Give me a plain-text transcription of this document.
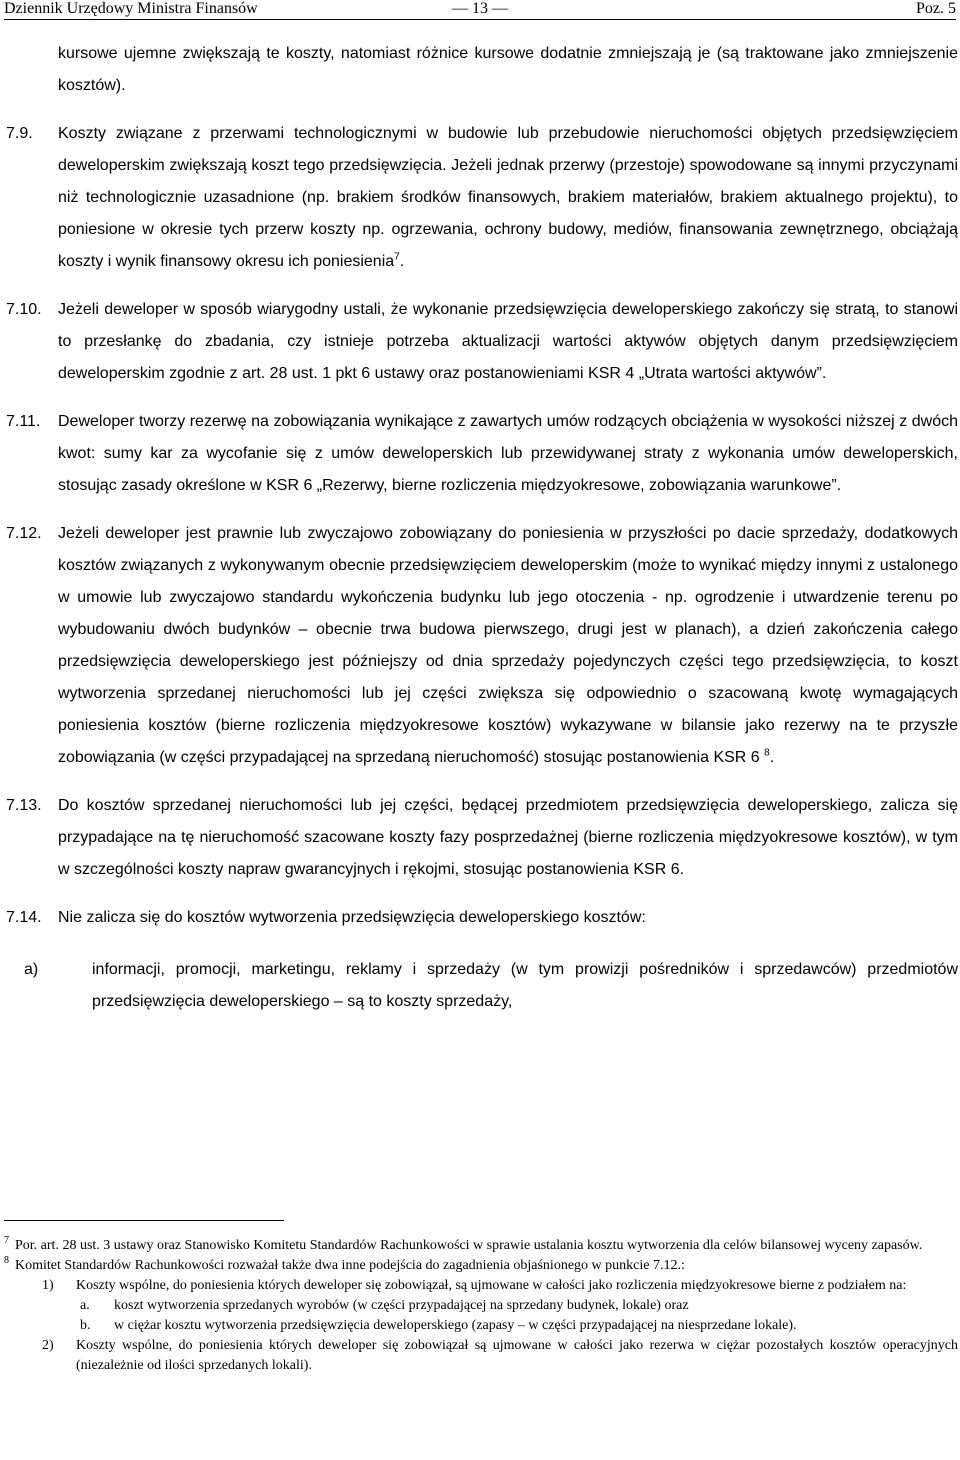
Dziennik Urzędowy Ministra Finansów	— 13 —	Poz. 5

kursowe ujemne zwiększają te koszty, natomiast różnice kursowe dodatnie zmniejszają je (są traktowane jako zmniejszenie kosztów).

7.9. Koszty związane z przerwami technologicznymi w budowie lub przebudowie nieruchomości objętych przedsięwzięciem deweloperskim zwiększają koszt tego przedsięwzięcia. Jeżeli jednak przerwy (przestoje) spowodowane są innymi przyczynami niż technologicznie uzasadnione (np. brakiem środków finansowych, brakiem materiałów, brakiem aktualnego projektu), to poniesione w okresie tych przerw koszty np. ogrzewania, ochrony budowy, mediów, finansowania zewnętrznego, obciążają koszty i wynik finansowy okresu ich poniesienia$^7$.

7.10. Jeżeli deweloper w sposób wiarygodny ustali, że wykonanie przedsięwzięcia deweloperskiego zakończy się stratą, to stanowi to przesłankę do zbadania, czy istnieje potrzeba aktualizacji wartości aktywów objętych danym przedsięwzięciem deweloperskim zgodnie z art. 28 ust. 1 pkt 6 ustawy oraz postanowieniami KSR 4 „Utrata wartości aktywów”.

7.11. Deweloper tworzy rezerwę na zobowiązania wynikające z zawartych umów rodzących obciążenia w wysokości niższej z dwóch kwot: sumy kar za wycofanie się z umów deweloperskich lub przewidywanej straty z wykonania umów deweloperskich, stosując zasady określone w KSR 6 „Rezerwy, bierne rozliczenia międzyokresowe, zobowiązania warunkowe”.

7.12. Jeżeli deweloper jest prawnie lub zwyczajowo zobowiązany do poniesienia w przyszłości po dacie sprzedaży, dodatkowych kosztów związanych z wykonywanym obecnie przedsięwzięciem deweloperskim (może to wynikać między innymi z ustalonego w umowie lub zwyczajowo standardu wykończenia budynku lub jego otoczenia - np. ogrodzenie i utwardzenie terenu po wybudowaniu dwóch budynków – obecnie trwa budowa pierwszego, drugi jest w planach), a dzień zakończenia całego przedsięwzięcia deweloperskiego jest późniejszy od dnia sprzedaży pojedynczych części tego przedsięwzięcia, to koszt wytworzenia sprzedanej nieruchomości lub jej części zwiększa się odpowiednio o szacowaną kwotę wymagających poniesienia kosztów (bierne rozliczenia międzyokresowe kosztów) wykazywane w bilansie jako rezerwy na te przyszłe zobowiązania (w części przypadającej na sprzedaną nieruchomość) stosując postanowienia KSR 6 $^8$.

7.13. Do kosztów sprzedanej nieruchomości lub jej części, będącej przedmiotem przedsięwzięcia deweloperskiego, zalicza się przypadające na tę nieruchomość szacowane koszty fazy posprzedażnej (bierne rozliczenia międzyokresowe kosztów), w tym w szczególności koszty napraw gwarancyjnych i rękojmi, stosując postanowienia KSR 6.

7.14. Nie zalicza się do kosztów wytworzenia przedsięwzięcia deweloperskiego kosztów:
a)	informacji, promocji, marketingu, reklamy i sprzedaży (w tym prowizji pośredników i sprzedawców) przedmiotów przedsięwzięcia deweloperskiego – są to koszty sprzedaży,
$^7$ Por. art. 28 ust. 3 ustawy oraz Stanowisko Komitetu Standardów Rachunkowości w sprawie ustalania kosztu wytworzenia dla celów bilansowej wyceny zapasów.
$^8$ Komitet Standardów Rachunkowości rozważał także dwa inne podejścia do zagadnienia objaśnionego w punkcie 7.12.:
1) Koszty wspólne, do poniesienia których deweloper się zobowiązał, są ujmowane w całości jako rozliczenia międzyokresowe bierne z podziałem na:
a. koszt wytworzenia sprzedanych wyrobów (w części przypadającej na sprzedany budynek, lokale) oraz
b. w ciężar kosztu wytworzenia przedsięwzięcia deweloperskiego (zapasy – w części przypadającej na niesprzedane lokale).
2) Koszty wspólne, do poniesienia których deweloper się zobowiązał są ujmowane w całości jako rezerwa w ciężar pozostałych kosztów operacyjnych (niezależnie od ilości sprzedanych lokali).
